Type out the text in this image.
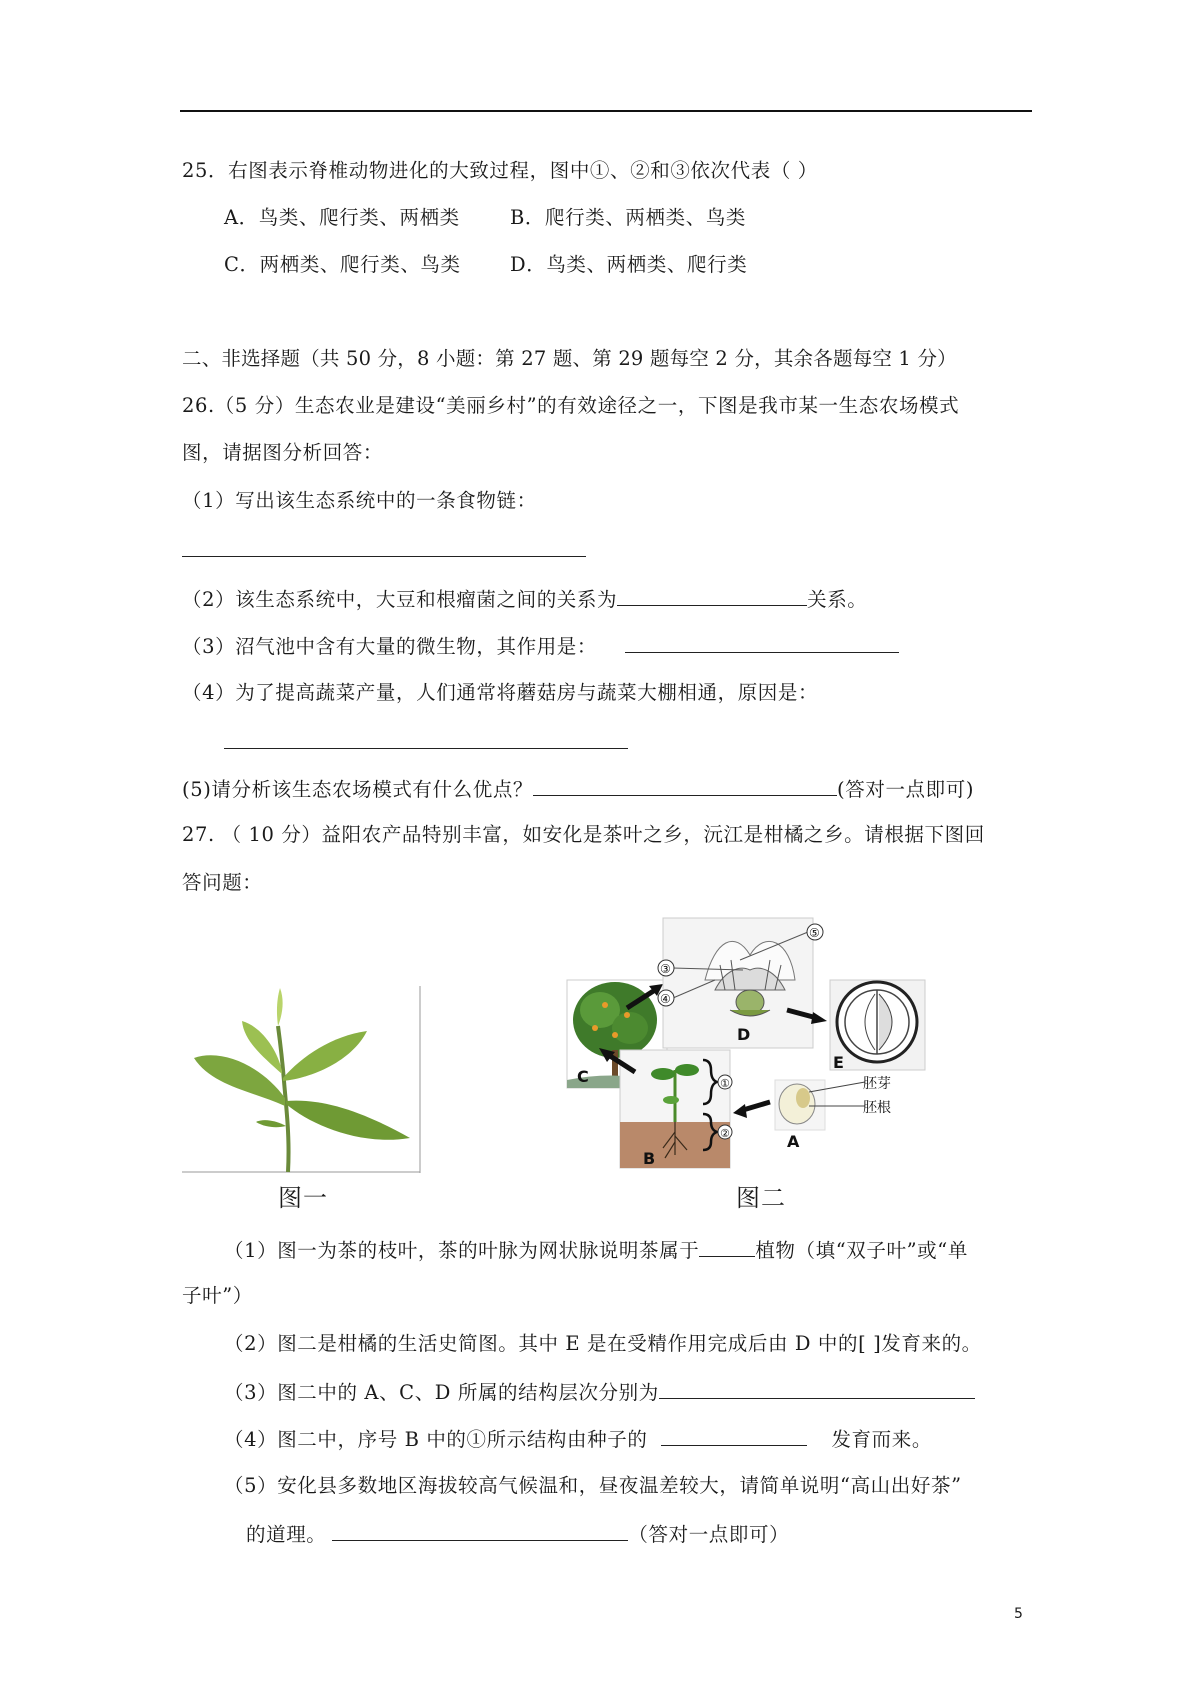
25．右图表示脊椎动物进化的大致过程，图中①、②和③依次代表（ ）
A．鸟类、爬行类、两栖类	B．爬行类、两栖类、鸟类
C．两栖类、爬行类、鸟类	D．鸟类、两栖类、爬行类
二、非选择题（共 50 分，8 小题：第 27 题、第 29 题每空 2 分，其余各题每空 1 分）
26.（5 分）生态农业是建设“美丽乡村”的有效途径之一，下图是我市某一生态农场模式
图，请据图分析回答：
（1）写出该生态系统中的一条食物链：
（2）该生态系统中，大豆和根瘤菌之间的关系为	关系。
（3）沼气池中含有大量的微生物，其作用是：
（4）为了提高蔬菜产量，人们通常将蘑菇房与蔬菜大棚相通，原因是：
(5)请分析该生态农场模式有什么优点？	(答对一点即可)
27. （ 10 分）益阳农产品特别丰富，如安化是茶叶之乡，沅江是柑橘之乡。请根据下图回
答问题：
图一
C
⑤
③
④
D
E
①
②
B
胚芽
胚根
A
图二
（1）图一为茶的枝叶，茶的叶脉为网状脉说明茶属于	植物（填“双子叶”或“单
子叶”）
（2）图二是柑橘的生活史简图。其中 E 是在受精作用完成后由 D 中的[ ]发育来的。
（3）图二中的 A、C、D 所属的结构层次分别为
（4）图二中，序号 B 中的①所示结构由种子的	发育而来。
（5）安化县多数地区海拔较高气候温和，昼夜温差较大，请简单说明“高山出好茶”
的道理。	（答对一点即可）
5
